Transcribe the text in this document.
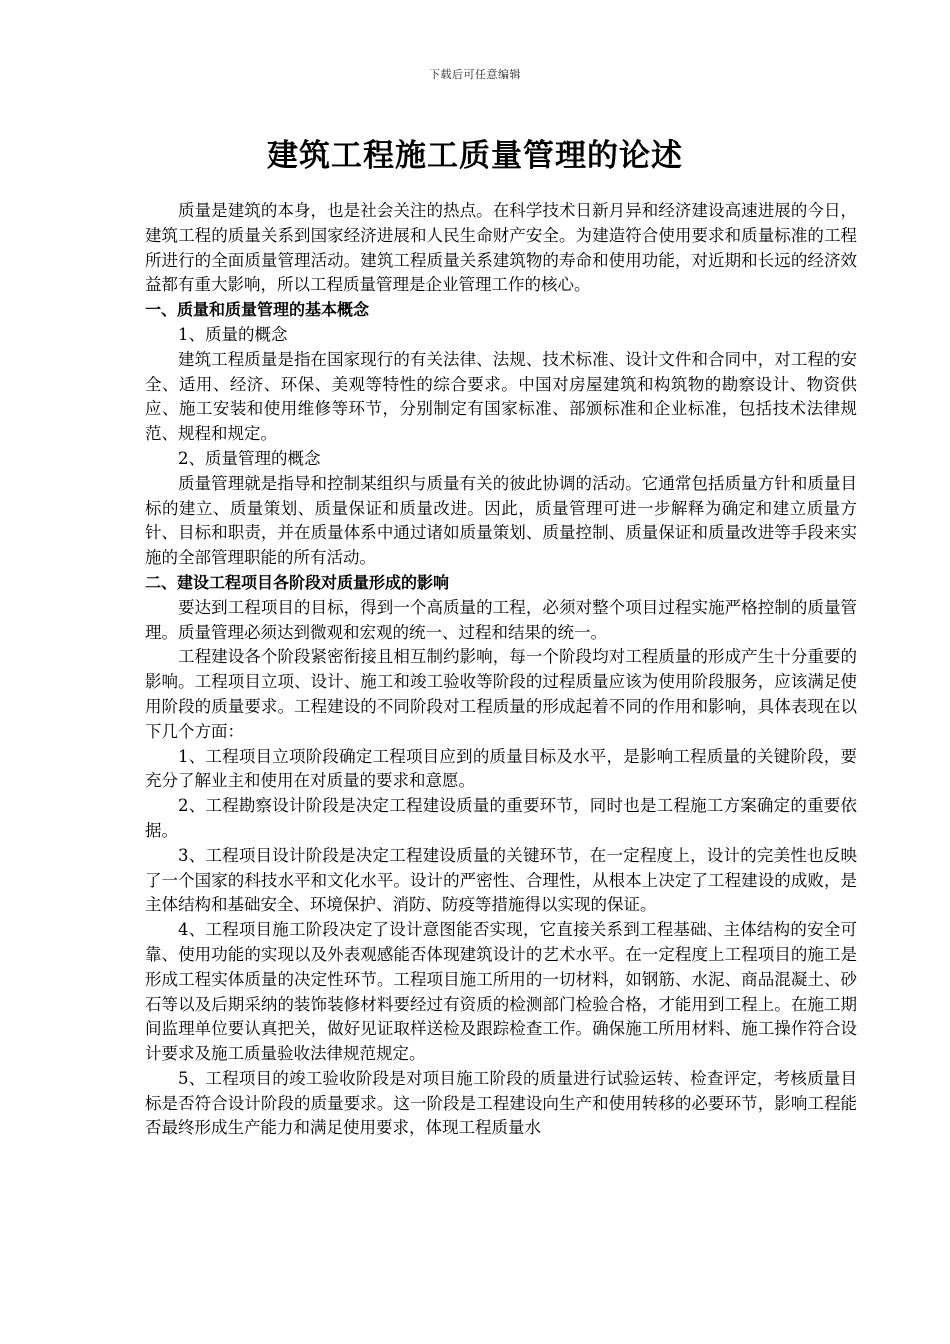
下载后可任意编辑
建筑工程施工质量管理的论述

质量是建筑的本身，也是社会关注的热点。在科学技术日新月异和经济建设高速进展的今日，建筑工程的质量关系到国家经济进展和人民生命财产安全。为建造符合使用要求和质量标准的工程所进行的全面质量管理活动。建筑工程质量关系建筑物的寿命和使用功能，对近期和长远的经济效益都有重大影响，所以工程质量管理是企业管理工作的核心。

一、质量和质量管理的基本概念

1、质量的概念

建筑工程质量是指在国家现行的有关法律、法规、技术标准、设计文件和合同中，对工程的安全、适用、经济、环保、美观等特性的综合要求。中国对房屋建筑和构筑物的勘察设计、物资供应、施工安装和使用维修等环节，分别制定有国家标准、部颁标准和企业标准，包括技术法律规范、规程和规定。

2、质量管理的概念

质量管理就是指导和控制某组织与质量有关的彼此协调的活动。它通常包括质量方针和质量目标的建立、质量策划、质量保证和质量改进。因此，质量管理可进一步解释为确定和建立质量方针、目标和职责，并在质量体系中通过诸如质量策划、质量控制、质量保证和质量改进等手段来实施的全部管理职能的所有活动。

二、建设工程项目各阶段对质量形成的影响

要达到工程项目的目标，得到一个高质量的工程，必须对整个项目过程实施严格控制的质量管理。质量管理必须达到微观和宏观的统一、过程和结果的统一。

工程建设各个阶段紧密衔接且相互制约影响，每一个阶段均对工程质量的形成产生十分重要的影响。工程项目立项、设计、施工和竣工验收等阶段的过程质量应该为使用阶段服务，应该满足使用阶段的质量要求。工程建设的不同阶段对工程质量的形成起着不同的作用和影响，具体表现在以下几个方面：

1、工程项目立项阶段确定工程项目应到的质量目标及水平，是影响工程质量的关键阶段，要充分了解业主和使用在对质量的要求和意愿。

2、工程勘察设计阶段是决定工程建设质量的重要环节，同时也是工程施工方案确定的重要依据。

3、工程项目设计阶段是决定工程建设质量的关键环节，在一定程度上，设计的完美性也反映了一个国家的科技水平和文化水平。设计的严密性、合理性，从根本上决定了工程建设的成败，是主体结构和基础安全、环境保护、消防、防疫等措施得以实现的保证。

4、工程项目施工阶段决定了设计意图能否实现，它直接关系到工程基础、主体结构的安全可靠、使用功能的实现以及外表观感能否体现建筑设计的艺术水平。在一定程度上工程项目的施工是形成工程实体质量的决定性环节。工程项目施工所用的一切材料，如钢筋、水泥、商品混凝土、砂石等以及后期采纳的装饰装修材料要经过有资质的检测部门检验合格，才能用到工程上。在施工期间监理单位要认真把关，做好见证取样送检及跟踪检查工作。确保施工所用材料、施工操作符合设计要求及施工质量验收法律规范规定。

5、工程项目的竣工验收阶段是对项目施工阶段的质量进行试验运转、检查评定，考核质量目标是否符合设计阶段的质量要求。这一阶段是工程建设向生产和使用转移的必要环节，影响工程能否最终形成生产能力和满足使用要求，体现工程质量水
